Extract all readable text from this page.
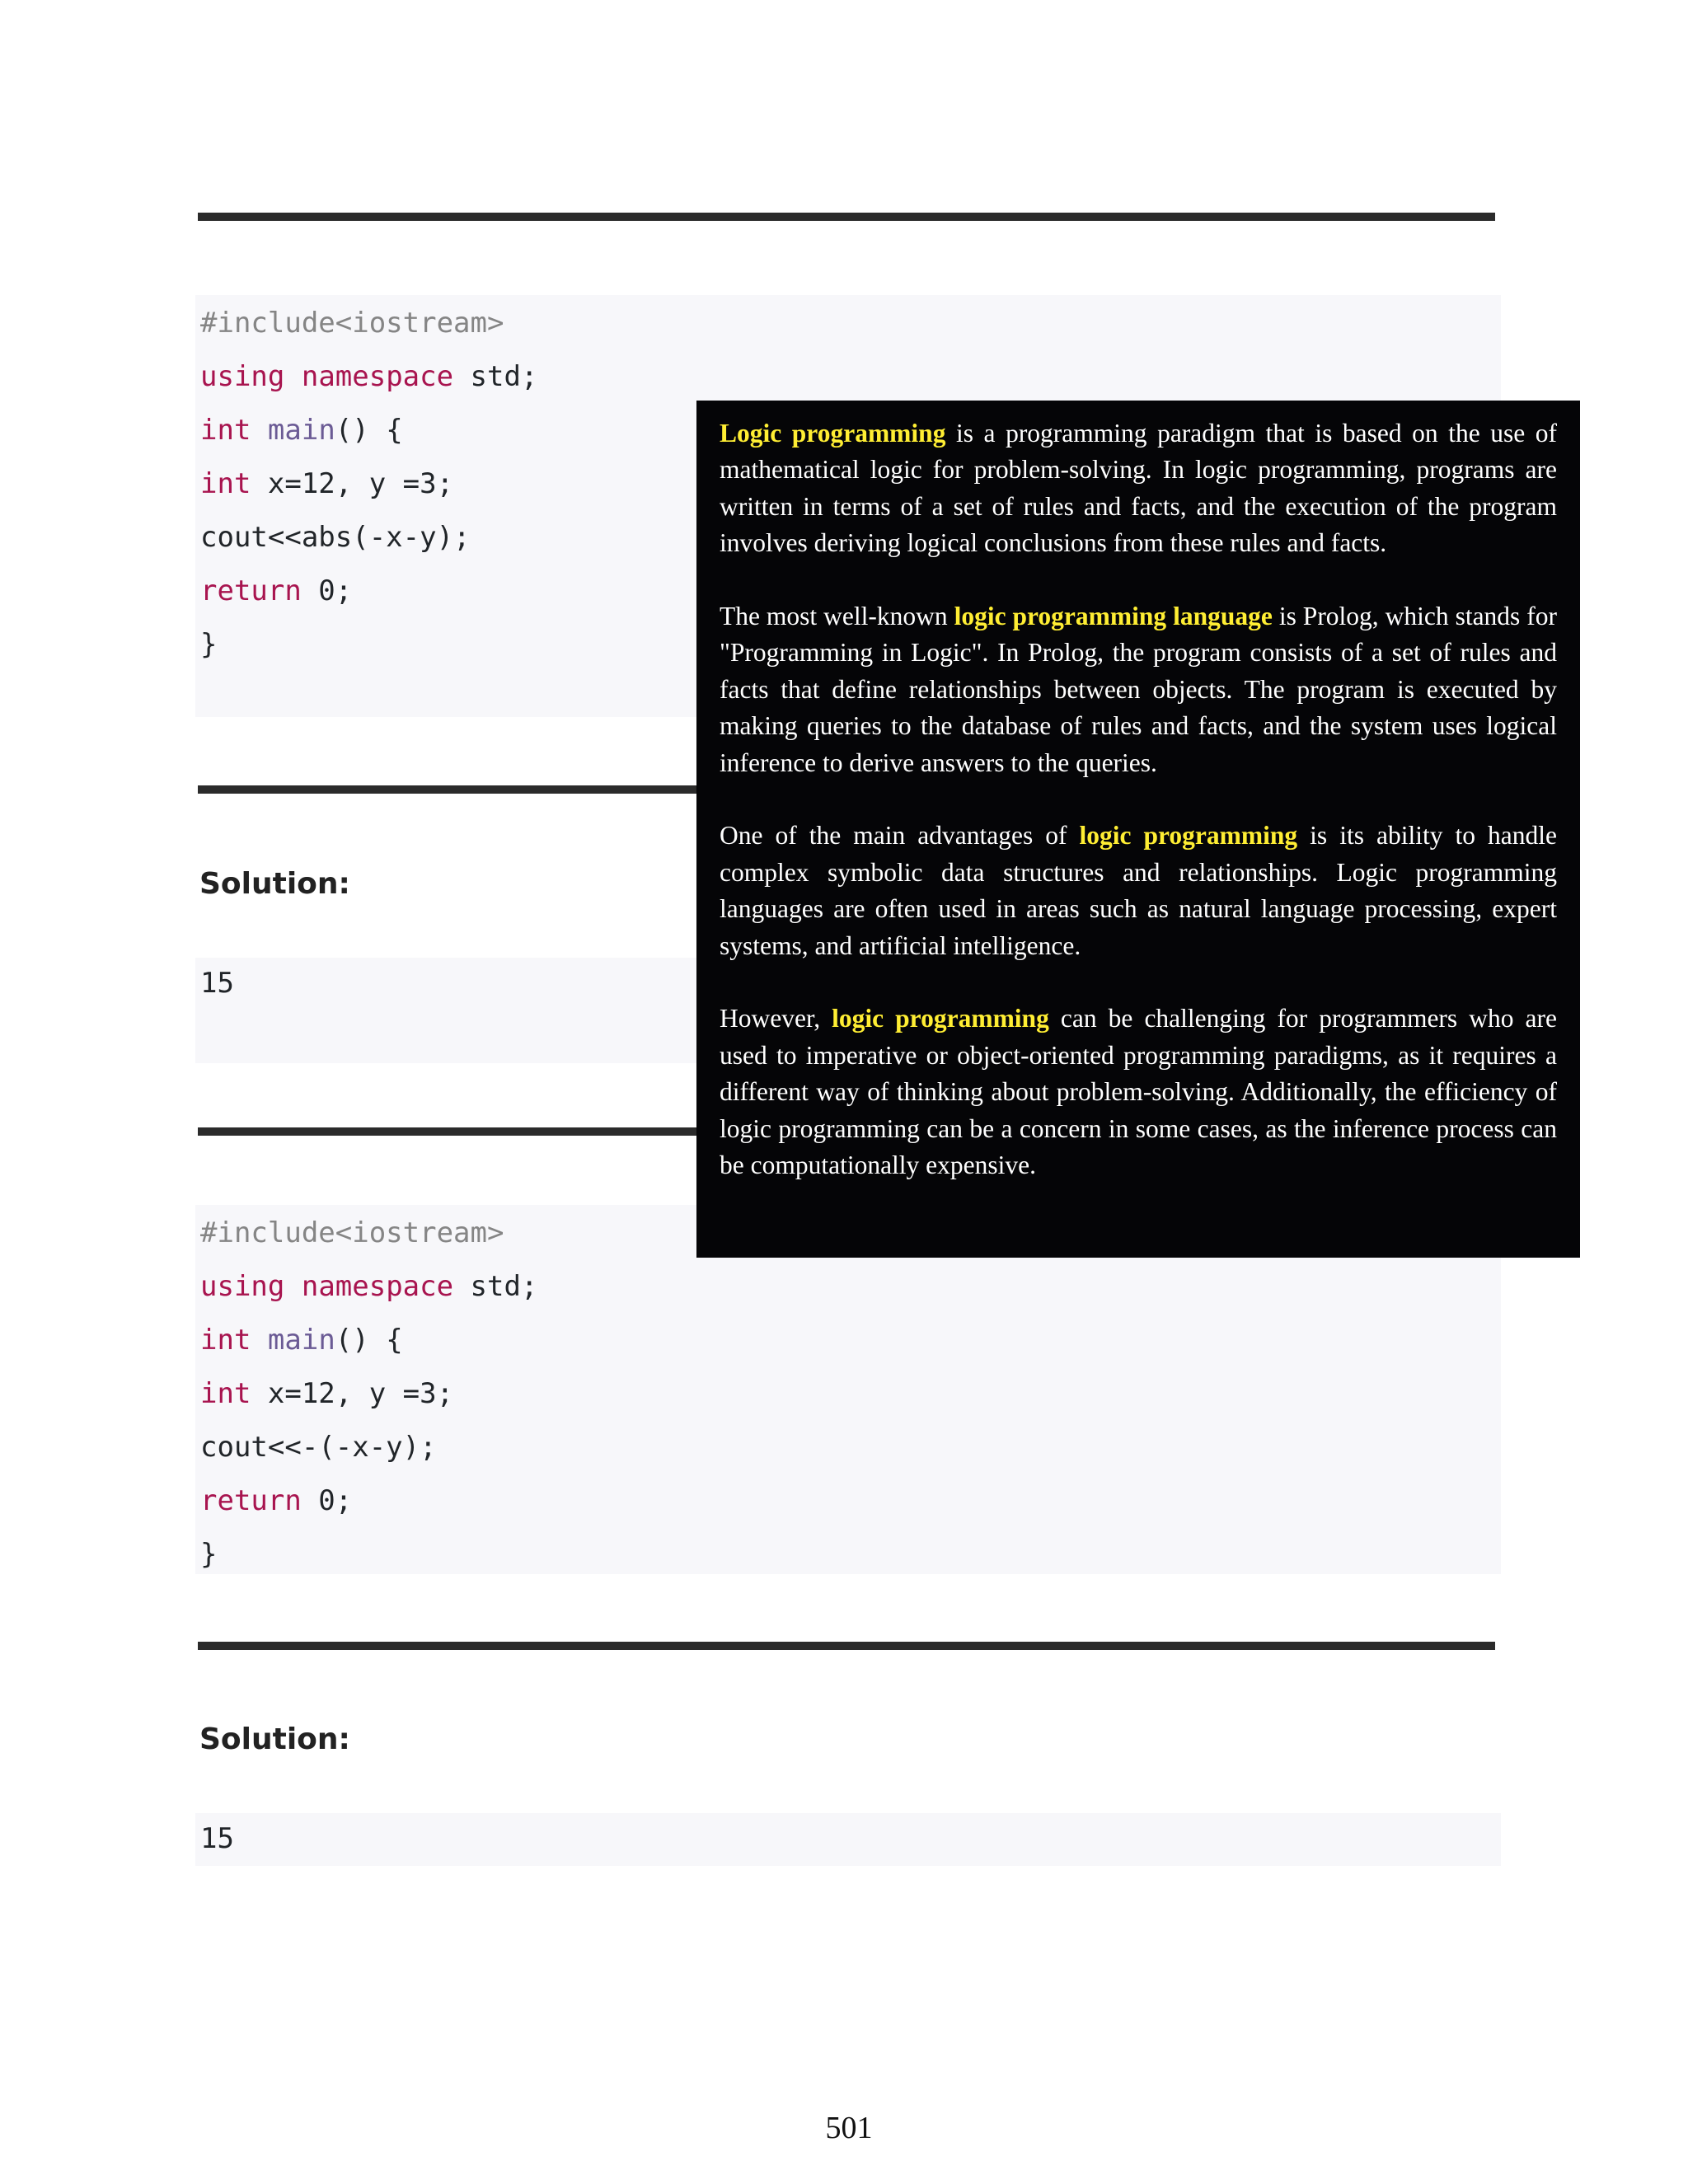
#include<iostream>
using namespace std;
int main() {
int x=12, y =3;
cout<<abs(-x-y);
return 0;
}
Solution:
15
#include<iostream>
using namespace std;
int main() {
int x=12, y =3;
cout<<-(-x-y);
return 0;
}
Solution:
15

Logic programming is a programming paradigm that is based on the use of mathematical logic for problem-solving. In logic programming, programs are written in terms of a set of rules and facts, and the execution of the program involves deriving logical conclusions from these rules and facts.

The most well-known logic programming language is Prolog, which stands for "Programming in Logic". In Prolog, the program consists of a set of rules and facts that define relationships between objects. The program is executed by making queries to the database of rules and facts, and the system uses logical inference to derive answers to the queries.

One of the main advantages of logic programming is its ability to handle complex symbolic data structures and relationships. Logic programming languages are often used in areas such as natural language processing, expert systems, and artificial intelligence.

However, logic programming can be challenging for programmers who are used to imperative or object-oriented programming paradigms, as it requires a different way of thinking about problem-solving. Additionally, the efficiency of logic programming can be a concern in some cases, as the inference process can be computationally expensive.

501
